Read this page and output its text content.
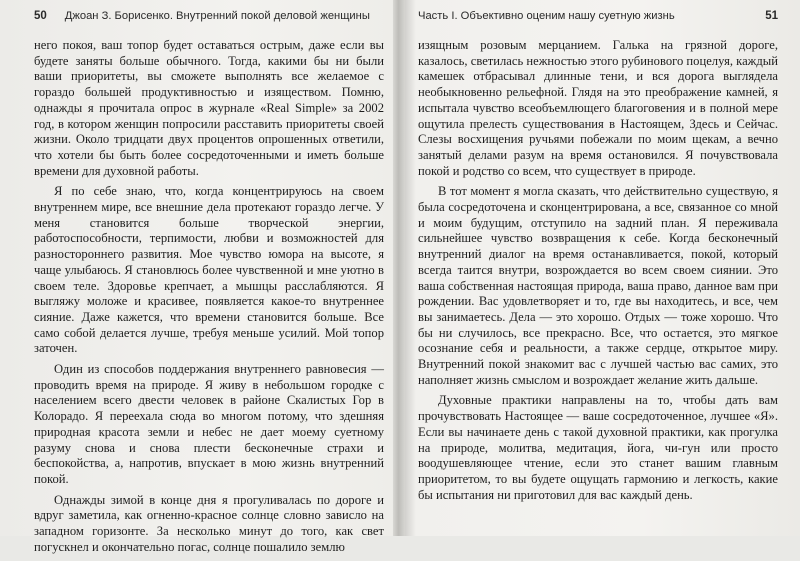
50 Джоан З. Борисенко. Внутренний покой деловой женщины

него покоя, ваш топор будет оставаться острым, даже если вы будете заняты больше обычного. Тогда, какими бы ни были ваши приоритеты, вы сможете выполнять все желаемое с гораздо большей продуктивностью и изяществом. Помню, однажды я прочитала опрос в журнале «Real Simple» за 2002 год, в котором женщин попросили расставить приоритеты своей жизни. Около тридцати двух процентов опрошенных ответили, что хотели бы быть более сосредоточенными и иметь больше времени для духовной работы.

Я по себе знаю, что, когда концентрируюсь на своем внутреннем мире, все внешние дела протекают гораздо легче. У меня становится больше творческой энергии, работоспособности, терпимости, любви и возможностей для разностороннего развития. Мое чувство юмора на высоте, я чаще улыбаюсь. Я становлюсь более чувственной и мне уютно в своем теле. Здоровье крепчает, а мышцы расслабляются. Я выгляжу моложе и красивее, появляется какое-то внутреннее сияние. Даже кажется, что времени становится больше. Все само собой делается лучше, требуя меньше усилий. Мой топор заточен.

Один из способов поддержания внутреннего равновесия — проводить время на природе. Я живу в небольшом городке с населением всего двести человек в районе Скалистых Гор в Колорадо. Я переехала сюда во многом потому, что здешняя природная красота земли и небес не дает моему суетному разуму снова и снова плести бесконечные страхи и беспокойства, а, напротив, впускает в мою жизнь внутренний покой.

Однажды зимой в конце дня я прогуливалась по дороге и вдруг заметила, как огненно-красное солнце словно зависло на западном горизонте. За несколько минут до того, как свет погускнел и окончательно погас, солнце пошалило землю

Часть I. Объективно оценим нашу суетную жизнь	51

изящным розовым мерцанием. Галька на грязной дороге, казалось, светилась нежностью этого рубинового поцелуя, каждый камешек отбрасывал длинные тени, и вся дорога выглядела необыкновенно рельефной. Глядя на это преображение камней, я испытала чувство всеобъемлющего благоговения и в полной мере ощутила прелесть существования в Настоящем, Здесь и Сейчас. Слезы восхищения ручьями побежали по моим щекам, а вечно занятый делами разум на время остановился. Я почувствовала покой и родство со всем, что существует в природе.

В тот момент я могла сказать, что действительно существую, я была сосредоточена и сконцентрирована, а все, связанное со мной и моим будущим, отступило на задний план. Я переживала сильнейшее чувство возвращения к себе. Когда бесконечный внутренний диалог на время останавливается, покой, который всегда таится внутри, возрождается во всем своем сиянии. Это ваша собственная настоящая природа, ваша право, данное вам при рождении. Вас удовлетворяет и то, где вы находитесь, и все, чем вы занимаетесь. Дела — это хорошо. Отдых — тоже хорошо. Что бы ни случилось, все прекрасно. Все, что остается, это мягкое осознание себя и реальности, а также сердце, открытое миру. Внутренний покой знакомит вас с лучшей частью вас самих, это наполняет жизнь смыслом и возрождает желание жить дальше.

Духовные практики направлены на то, чтобы дать вам прочувствовать Настоящее — ваше сосредоточенное, лучшее «Я». Если вы начинаете день с такой духовной практики, как прогулка на природе, молитва, медитация, йога, чи-гун или просто воодушевляющее чтение, если это станет вашим главным приоритетом, то вы будете ощущать гармонию и легкость, какие бы испытания ни приготовил для вас каждый день.
